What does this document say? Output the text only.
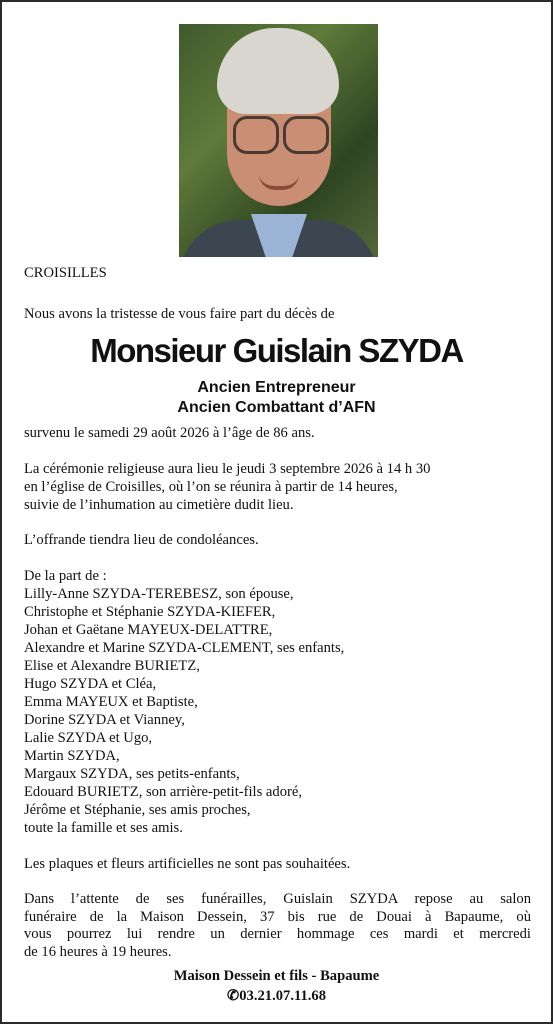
CROISILLES

Nous avons la tristesse de vous faire part du décès de

Monsieur Guislain SZYDA
Ancien Entrepreneur
Ancien Combattant d’AFN

survenu le samedi 29 août 2026 à l’âge de 86 ans.

La cérémonie religieuse aura lieu le jeudi 3 septembre 2026 à 14 h 30

en l’église de Croisilles, où l’on se réunira à partir de 14 heures,

suivie de l’inhumation au cimetière dudit lieu.

L’offrande tiendra lieu de condoléances.

De la part de :

Lilly-Anne SZYDA-TEREBESZ, son épouse,

Christophe et Stéphanie SZYDA-KIEFER,

Johan et Gaëtane MAYEUX-DELATTRE,

Alexandre et Marine SZYDA-CLEMENT, ses enfants,

Elise et Alexandre BURIETZ,

Hugo SZYDA et Cléa,

Emma MAYEUX et Baptiste,

Dorine SZYDA et Vianney,

Lalie SZYDA et Ugo,

Martin SZYDA,

Margaux SZYDA, ses petits-enfants,

Edouard BURIETZ, son arrière-petit-fils adoré,

Jérôme et Stéphanie, ses amis proches,

toute la famille et ses amis.

Les plaques et fleurs artificielles ne sont pas souhaitées.

Dans l’attente de ses funérailles, Guislain SZYDA repose au salon
funéraire de la Maison Dessein, 37 bis rue de Douai à Bapaume, où
vous pourrez lui rendre un dernier hommage ces mardi et mercredi
de 16 heures à 19 heures.
Maison Dessein et fils - Bapaume
✆03.21.07.11.68
